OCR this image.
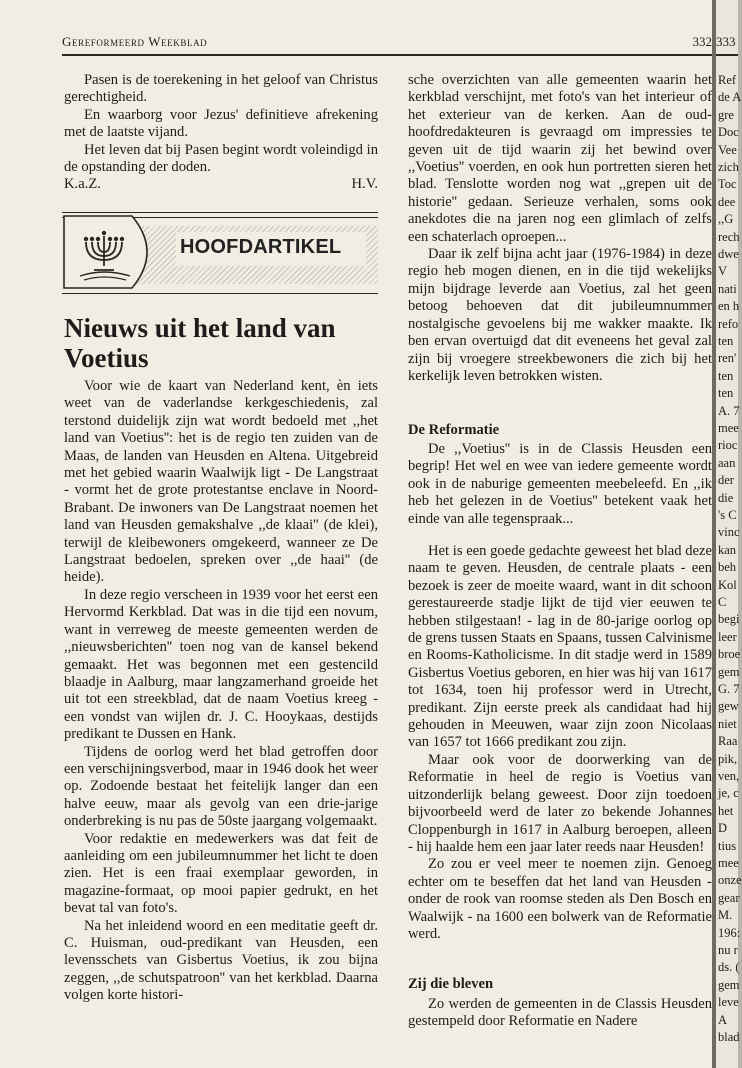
Gereformeerd Weekblad	332

Pasen is de toerekening in het geloof van Christus gerechtigheid.

En waarborg voor Jezus' definitieve afrekening met de laatste vijand.

Het leven dat bij Pasen begint wordt voleindigd in de opstanding der doden.

K.a.Z.	H.V.
HOOFDARTIKEL
Nieuws uit het land van Voetius

Voor wie de kaart van Nederland kent, èn iets weet van de vaderlandse kerkgeschiedenis, zal terstond duidelijk zijn wat wordt bedoeld met ,,het land van Voetius'': het is de regio ten zuiden van de Maas, de landen van Heusden en Altena. Uitgebreid met het gebied waarin Waalwijk ligt - De Langstraat - vormt het de grote protestantse enclave in Noord-Brabant. De inwoners van De Langstraat noemen het land van Heusden gemakshalve ,,de klaai'' (de klei), terwijl de kleibewoners omgekeerd, wanneer ze De Langstraat bedoelen, spreken over ,,de haai'' (de heide).

In deze regio verscheen in 1939 voor het eerst een Hervormd Kerkblad. Dat was in die tijd een novum, want in verreweg de meeste gemeenten werden de ,,nieuwsberichten'' toen nog van de kansel bekend gemaakt. Het was begonnen met een gestencild blaadje in Aalburg, maar langzamerhand groeide het uit tot een streekblad, dat de naam Voetius kreeg - een vondst van wijlen dr. J. C. Hooykaas, destijds predikant te Dussen en Hank.

Tijdens de oorlog werd het blad getroffen door een verschijningsverbod, maar in 1946 dook het weer op. Zodoende bestaat het feitelijk langer dan een halve eeuw, maar als gevolg van een drie-jarige onderbreking is nu pas de 50ste jaargang volgemaakt.

Voor redaktie en medewerkers was dat feit de aanleiding om een jubileumnummer het licht te doen zien. Het is een fraai exemplaar geworden, in magazine-formaat, op mooi papier gedrukt, en het bevat tal van foto's.

Na het inleidend woord en een meditatie geeft dr. C. Huisman, oud-predikant van Heusden, een levensschets van Gisbertus Voetius, ik zou bijna zeggen, ,,de schutspatroon'' van het kerkblad. Daarna volgen korte histori-

sche overzichten van alle gemeenten waarin het kerkblad verschijnt, met foto's van het interieur of het exterieur van de kerken. Aan de oud-hoofdredakteuren is gevraagd om impressies te geven uit de tijd waarin zij het bewind over ,,Voetius'' voerden, en ook hun portretten sieren het blad. Tenslotte worden nog wat ,,grepen uit de historie'' gedaan. Serieuze verhalen, soms ook anekdotes die na jaren nog een glimlach of zelfs een schaterlach oproepen...

Daar ik zelf bijna acht jaar (1976-1984) in deze regio heb mogen dienen, en in die tijd wekelijks mijn bijdrage leverde aan Voetius, zal het geen betoog behoeven dat dit jubileumnummer nostalgische gevoelens bij me wakker maakte. Ik ben ervan overtuigd dat dit eveneens het geval zal zijn bij vroegere streekbewoners die zich bij het kerkelijk leven betrokken wisten.

De Reformatie

De ,,Voetius'' is in de Classis Heusden een begrip! Het wel en wee van iedere gemeente wordt ook in de naburige gemeenten meebeleefd. En ,,ik heb het gelezen in de Voetius'' betekent vaak het einde van alle tegenspraak...

Het is een goede gedachte geweest het blad deze naam te geven. Heusden, de centrale plaats - een bezoek is zeer de moeite waard, want in dit schoon gerestaureerde stadje lijkt de tijd vier eeuwen te hebben stilgestaan! - lag in de 80-jarige oorlog op de grens tussen Staats en Spaans, tussen Calvinisme en Rooms-Katholicisme. In dit stadje werd in 1589 Gisbertus Voetius geboren, en hier was hij van 1617 tot 1634, toen hij professor werd in Utrecht, predikant. Zijn eerste preek als candidaat had hij gehouden in Meeuwen, waar zijn zoon Nicolaas van 1657 tot 1666 predikant zou zijn.

Maar ook voor de doorwerking van de Reformatie in heel de regio is Voetius van uitzonderlijk belang geweest. Door zijn toedoen bijvoorbeeld werd de later zo bekende Johannes Cloppenburgh in 1617 in Aalburg beroepen, alleen - hij haalde hem een jaar later reeds naar Heusden!

Zo zou er veel meer te noemen zijn. Genoeg echter om te beseffen dat het land van Heusden - onder de rook van roomse steden als Den Bosch en Waalwijk - na 1600 een bolwerk van de Reformatie werd.

Zij die bleven

Zo werden de gemeenten in de Classis Heusden gestempeld door Reformatie en Nadere

333
Ref
de A
gre
Doc
Vee
zich
Toc
dee
,,G
rech
dwe
V
nati
en h
refo
ten
ren'
ten
ten
A. 7
mee
rioc
aan
der
die
's C
vinc
kan
beh
Kol
C
begi
leer
broe
gem
G. 7
gew
niet
Raa
pik,
ven,
je, c
het
D
tius
mee
onze
gear
M.
196:
nu r
ds. (
gem
leve
A
blad
